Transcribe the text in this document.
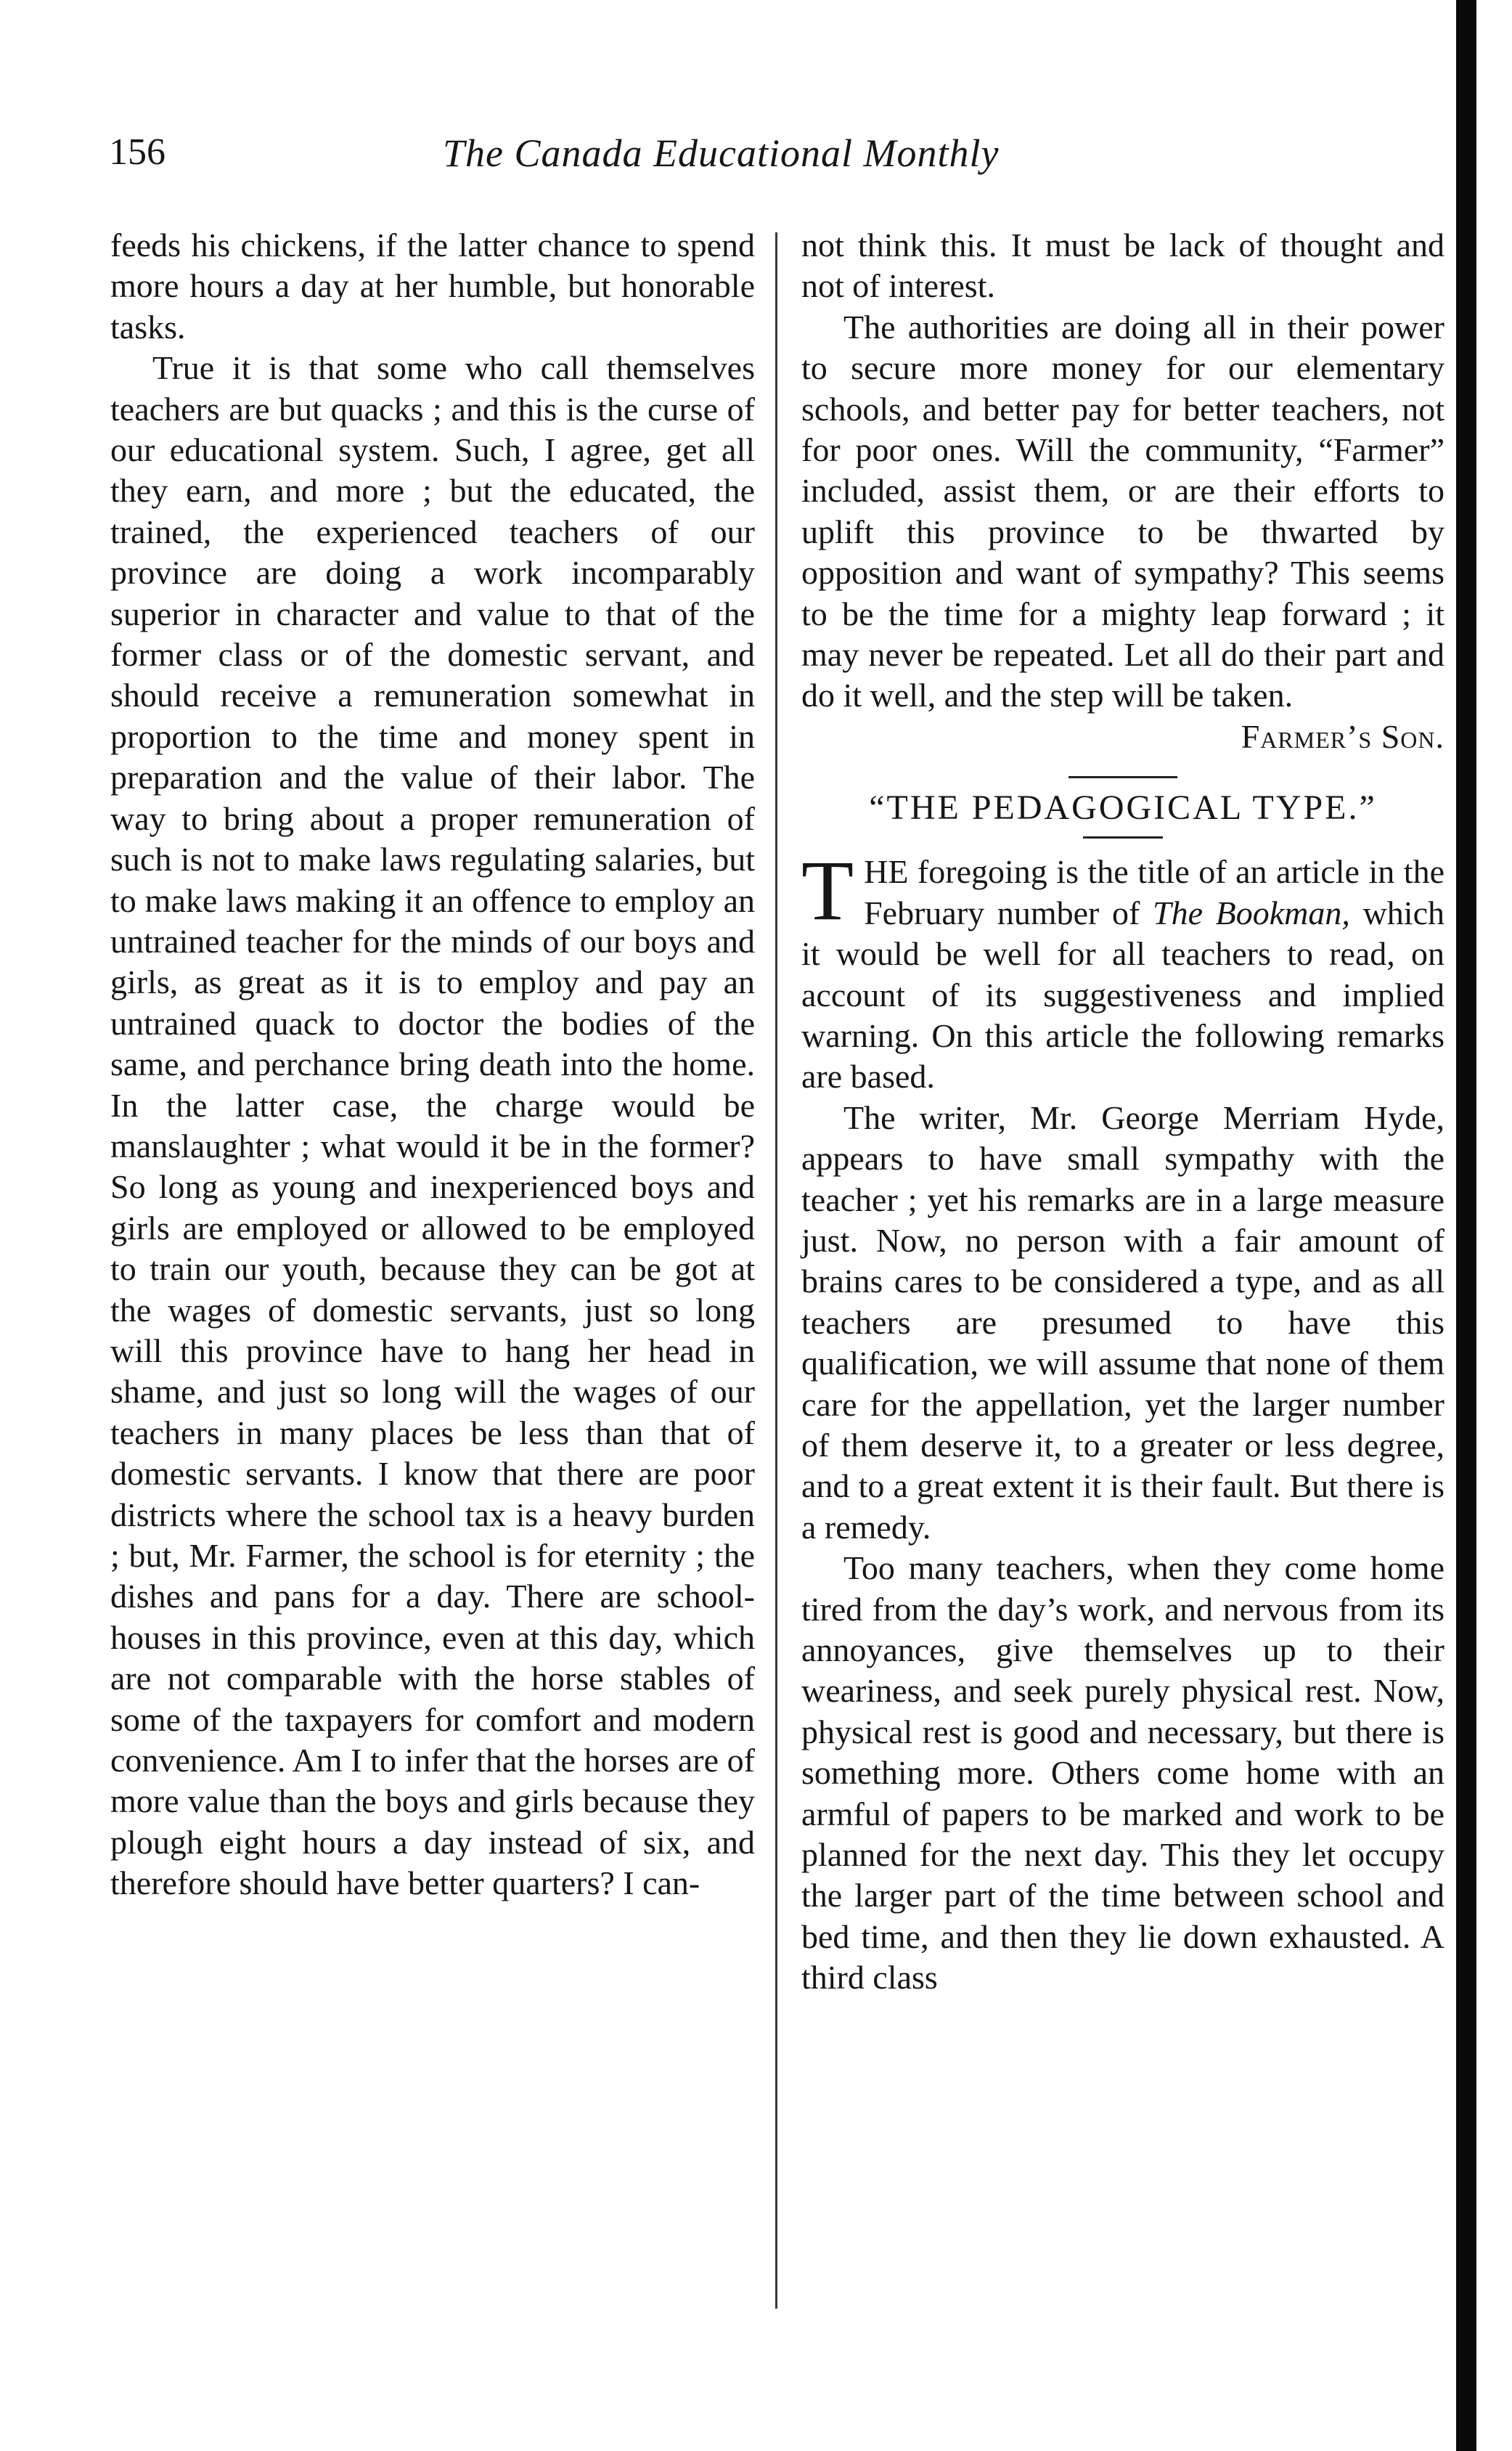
156	The Canada Educational Monthly

feeds his chickens, if the latter chance to spend more hours a day at her humble, but honorable tasks.

True it is that some who call themselves teachers are but quacks ; and this is the curse of our educational system. Such, I agree, get all they earn, and more ; but the educated, the trained, the experienced teachers of our province are doing a work incomparably superior in character and value to that of the former class or of the domestic servant, and should receive a remuneration somewhat in proportion to the time and money spent in preparation and the value of their labor. The way to bring about a proper remuneration of such is not to make laws regulating salaries, but to make laws making it an offence to employ an untrained teacher for the minds of our boys and girls, as great as it is to employ and pay an untrained quack to doctor the bodies of the same, and perchance bring death into the home. In the latter case, the charge would be manslaughter ; what would it be in the former? So long as young and inexperienced boys and girls are employed or allowed to be employed to train our youth, because they can be got at the wages of domestic servants, just so long will this province have to hang her head in shame, and just so long will the wages of our teachers in many places be less than that of domestic servants. I know that there are poor districts where the school tax is a heavy burden ; but, Mr. Farmer, the school is for eternity ; the dishes and pans for a day. There are school-houses in this province, even at this day, which are not comparable with the horse stables of some of the taxpayers for comfort and modern convenience. Am I to infer that the horses are of more value than the boys and girls because they plough eight hours a day instead of six, and therefore should have better quarters? I can-

not think this. It must be lack of thought and not of interest.

The authorities are doing all in their power to secure more money for our elementary schools, and better pay for better teachers, not for poor ones. Will the community, “Farmer” included, assist them, or are their efforts to uplift this province to be thwarted by opposition and want of sympathy? This seems to be the time for a mighty leap forward ; it may never be repeated. Let all do their part and do it well, and the step will be taken.
Farmer’s Son.

“THE PEDAGOGICAL TYPE.”

THE foregoing is the title of an article in the February number of The Bookman, which it would be well for all teachers to read, on account of its suggestiveness and implied warning. On this article the following remarks are based.

The writer, Mr. George Merriam Hyde, appears to have small sympathy with the teacher ; yet his remarks are in a large measure just. Now, no person with a fair amount of brains cares to be considered a type, and as all teachers are presumed to have this qualification, we will assume that none of them care for the appellation, yet the larger number of them deserve it, to a greater or less degree, and to a great extent it is their fault. But there is a remedy.

Too many teachers, when they come home tired from the day’s work, and nervous from its annoyances, give themselves up to their weariness, and seek purely physical rest. Now, physical rest is good and necessary, but there is something more. Others come home with an armful of papers to be marked and work to be planned for the next day. This they let occupy the larger part of the time between school and bed time, and then they lie down exhausted. A third class
